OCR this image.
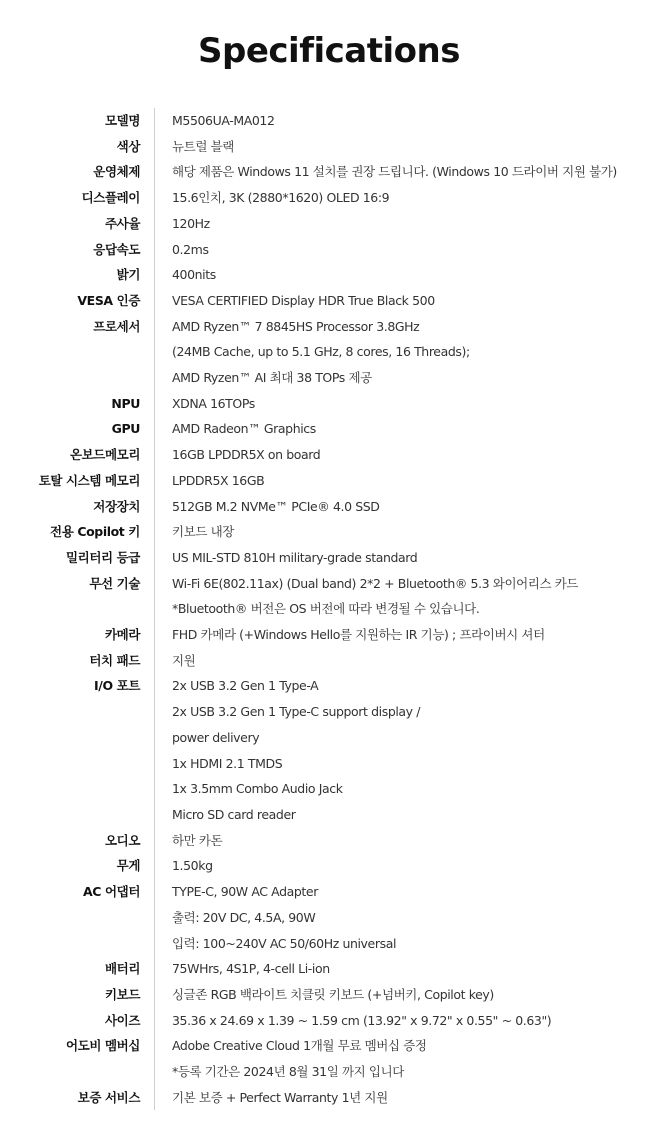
Specifications
모델명	M5506UA-MA012
색상	뉴트럴 블랙
운영체제	해당 제품은 Windows 11 설치를 권장 드립니다. (Windows 10 드라이버 지원 불가)
디스플레이	15.6인치, 3K (2880*1620) OLED 16:9
주사율	120Hz
응답속도	0.2ms
밝기	400nits
VESA 인증	VESA CERTIFIED Display HDR True Black 500
프로세서	AMD Ryzen™ 7 8845HS Processor 3.8GHz
(24MB Cache, up to 5.1 GHz, 8 cores, 16 Threads);
AMD Ryzen™ AI 최대 38 TOPs 제공
NPU	XDNA 16TOPs
GPU	AMD Radeon™ Graphics
온보드메모리	16GB LPDDR5X on board
토탈 시스템 메모리	LPDDR5X 16GB
저장장치	512GB M.2 NVMe™ PCIe® 4.0 SSD
전용 Copilot 키	키보드 내장
밀리터리 등급	US MIL-STD 810H military-grade standard
무선 기술	Wi-Fi 6E(802.11ax) (Dual band) 2*2 + Bluetooth® 5.3 와이어리스 카드
*Bluetooth® 버전은 OS 버전에 따라 변경될 수 있습니다.
카메라	FHD 카메라 (+Windows Hello를 지원하는 IR 기능) ; 프라이버시 셔터
터치 패드	지원
I/O 포트	2x USB 3.2 Gen 1 Type-A
2x USB 3.2 Gen 1 Type-C support display /
power delivery
1x HDMI 2.1 TMDS
1x 3.5mm Combo Audio Jack
Micro SD card reader
오디오	하만 카돈
무게	1.50kg
AC 어댑터	TYPE-C, 90W AC Adapter
출력: 20V DC, 4.5A, 90W
입력: 100~240V AC 50/60Hz universal
배터리	75WHrs, 4S1P, 4-cell Li-ion
키보드	싱글존 RGB 백라이트 치클릿 키보드 (+넘버키, Copilot key)
사이즈	35.36 x 24.69 x 1.39 ~ 1.59 cm (13.92" x 9.72" x 0.55" ~ 0.63")
어도비 멤버십	Adobe Creative Cloud 1개월 무료 멤버십 증정
*등록 기간은 2024년 8월 31일 까지 입니다
보증 서비스	기본 보증 + Perfect Warranty 1년 지원
